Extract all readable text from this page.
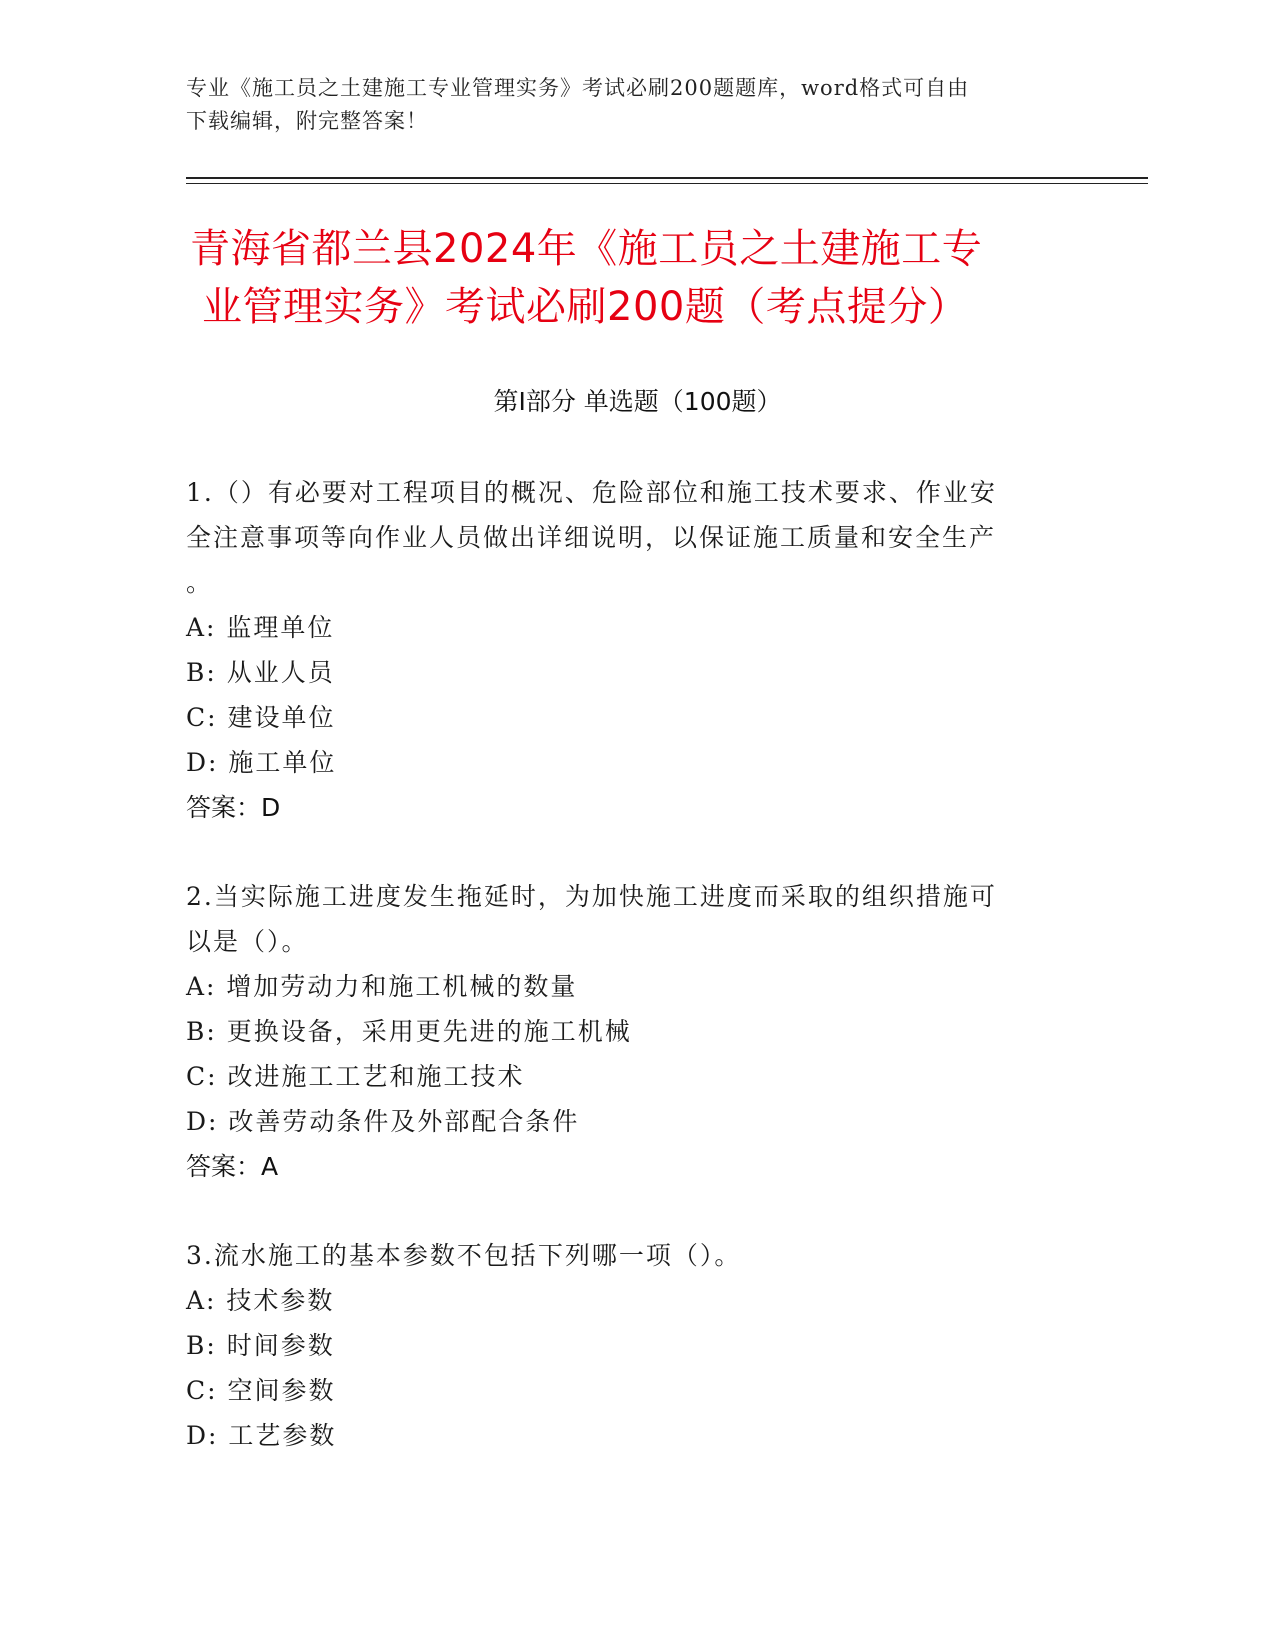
专业《施工员之土建施工专业管理实务》考试必刷200题题库，word格式可自由
下载编辑，附完整答案！
青海省都兰县2024年《施工员之土建施工专
业管理实务》考试必刷200题（考点提分）
第Ⅰ部分 单选题（100题）

1.（）有必要对工程项目的概况、危险部位和施工技术要求、作业安

全注意事项等向作业人员做出详细说明，以保证施工质量和安全生产

。

A: 监理单位

B: 从业人员

C: 建设单位

D: 施工单位

答案：D

2.当实际施工进度发生拖延时，为加快施工进度而采取的组织措施可

以是（）。

A: 增加劳动力和施工机械的数量

B: 更换设备，采用更先进的施工机械

C: 改进施工工艺和施工技术

D: 改善劳动条件及外部配合条件

答案：A

3.流水施工的基本参数不包括下列哪一项（）。

A: 技术参数

B: 时间参数

C: 空间参数

D: 工艺参数
